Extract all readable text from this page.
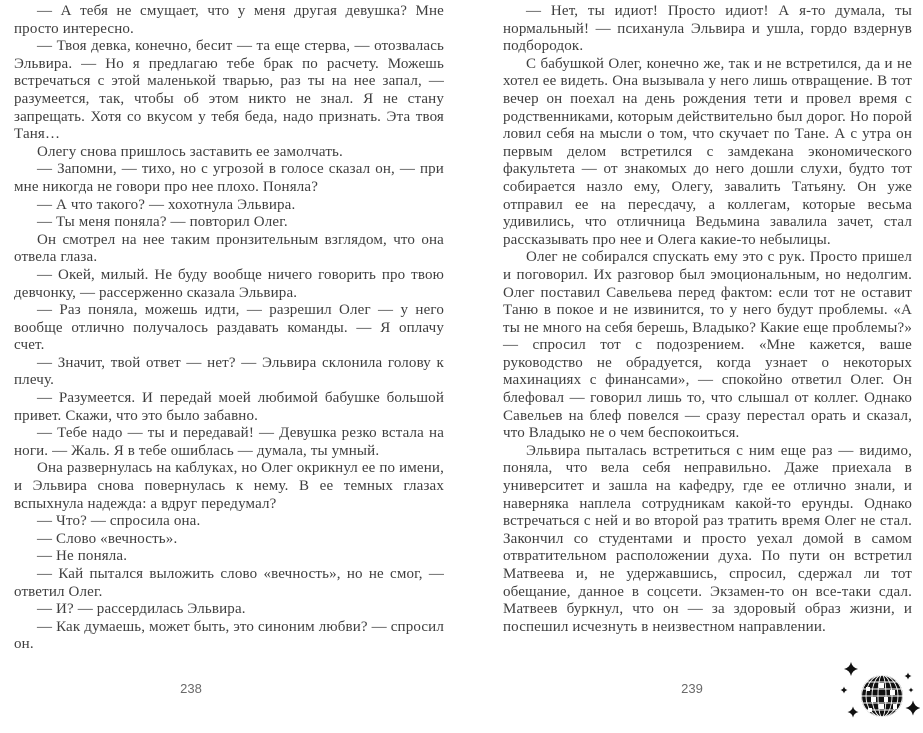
— А тебя не смущает, что у меня другая девушка? Мне просто интересно.

— Твоя девка, конечно, бесит — та еще стерва, — отозвалась Эльвира. — Но я предлагаю тебе брак по расчету. Можешь встречаться с этой маленькой тварью, раз ты на нее запал, — разумеется, так, чтобы об этом никто не знал. Я не стану запрещать. Хотя со вкусом у тебя беда, надо признать. Эта твоя Таня…

Олегу снова пришлось заставить ее замолчать.

— Запомни, — тихо, но с угрозой в голосе сказал он, — при мне никогда не говори про нее плохо. Поняла?

— А что такого? — хохотнула Эльвира.

— Ты меня поняла? — повторил Олег.

Он смотрел на нее таким пронзительным взглядом, что она отвела глаза.

— Окей, милый. Не буду вообще ничего говорить про твою девчонку, — рассерженно сказала Эльвира.

— Раз поняла, можешь идти, — разрешил Олег — у него вообще отлично получалось раздавать команды. — Я оплачу счет.

— Значит, твой ответ — нет? — Эльвира склонила голову к плечу.

— Разумеется. И передай моей любимой бабушке большой привет. Скажи, что это было забавно.

— Тебе надо — ты и передавай! — Девушка резко встала на ноги. — Жаль. Я в тебе ошиблась — думала, ты умный.

Она развернулась на каблуках, но Олег окрикнул ее по имени, и Эльвира снова повернулась к нему. В ее темных глазах вспыхнула надежда: а вдруг передумал?

— Что? — спросила она.

— Слово «вечность».

— Не поняла.

— Кай пытался выложить слово «вечность», но не смог, — ответил Олег.

— И? — рассердилась Эльвира.

— Как думаешь, может быть, это синоним любви? — спросил он.

— Нет, ты идиот! Просто идиот! А я-то думала, ты нормальный! — психанула Эльвира и ушла, гордо вздернув подбородок.

С бабушкой Олег, конечно же, так и не встретился, да и не хотел ее видеть. Она вызывала у него лишь отвращение. В тот вечер он поехал на день рождения тети и провел время с родственниками, которым действительно был дорог. Но порой ловил себя на мысли о том, что скучает по Тане. А с утра он первым делом встретился с замдекана экономического факультета — от знакомых до него дошли слухи, будто тот собирается назло ему, Олегу, завалить Татьяну. Он уже отправил ее на пересдачу, а коллегам, которые весьма удивились, что отличница Ведьмина завалила зачет, стал рассказывать про нее и Олега какие-то небылицы.

Олег не собирался спускать ему это с рук. Просто пришел и поговорил. Их разговор был эмоциональным, но недолгим. Олег поставил Савельева перед фактом: если тот не оставит Таню в покое и не извинится, то у него будут проблемы. «А ты не много на себя берешь, Владыко? Какие еще проблемы?» — спросил тот с подозрением. «Мне кажется, ваше руководство не обрадуется, когда узнает о некоторых махинациях с финансами», — спокойно ответил Олег. Он блефовал — говорил лишь то, что слышал от коллег. Однако Савельев на блеф повелся — сразу перестал орать и сказал, что Владыко не о чем беспокоиться.

Эльвира пыталась встретиться с ним еще раз — видимо, поняла, что вела себя неправильно. Даже приехала в университет и зашла на кафедру, где ее отлично знали, и наверняка наплела сотрудникам какой-то ерунды. Однако встречаться с ней и во второй раз тратить время Олег не стал. Закончил со студентами и просто уехал домой в самом отвратительном расположении духа. По пути он встретил Матвеева и, не удержавшись, спросил, сдержал ли тот обещание, данное в соцсети. Экзамен-то он все-таки сдал. Матвеев буркнул, что он — за здоровый образ жизни, и поспешил исчезнуть в неизвестном направлении.

238	239
